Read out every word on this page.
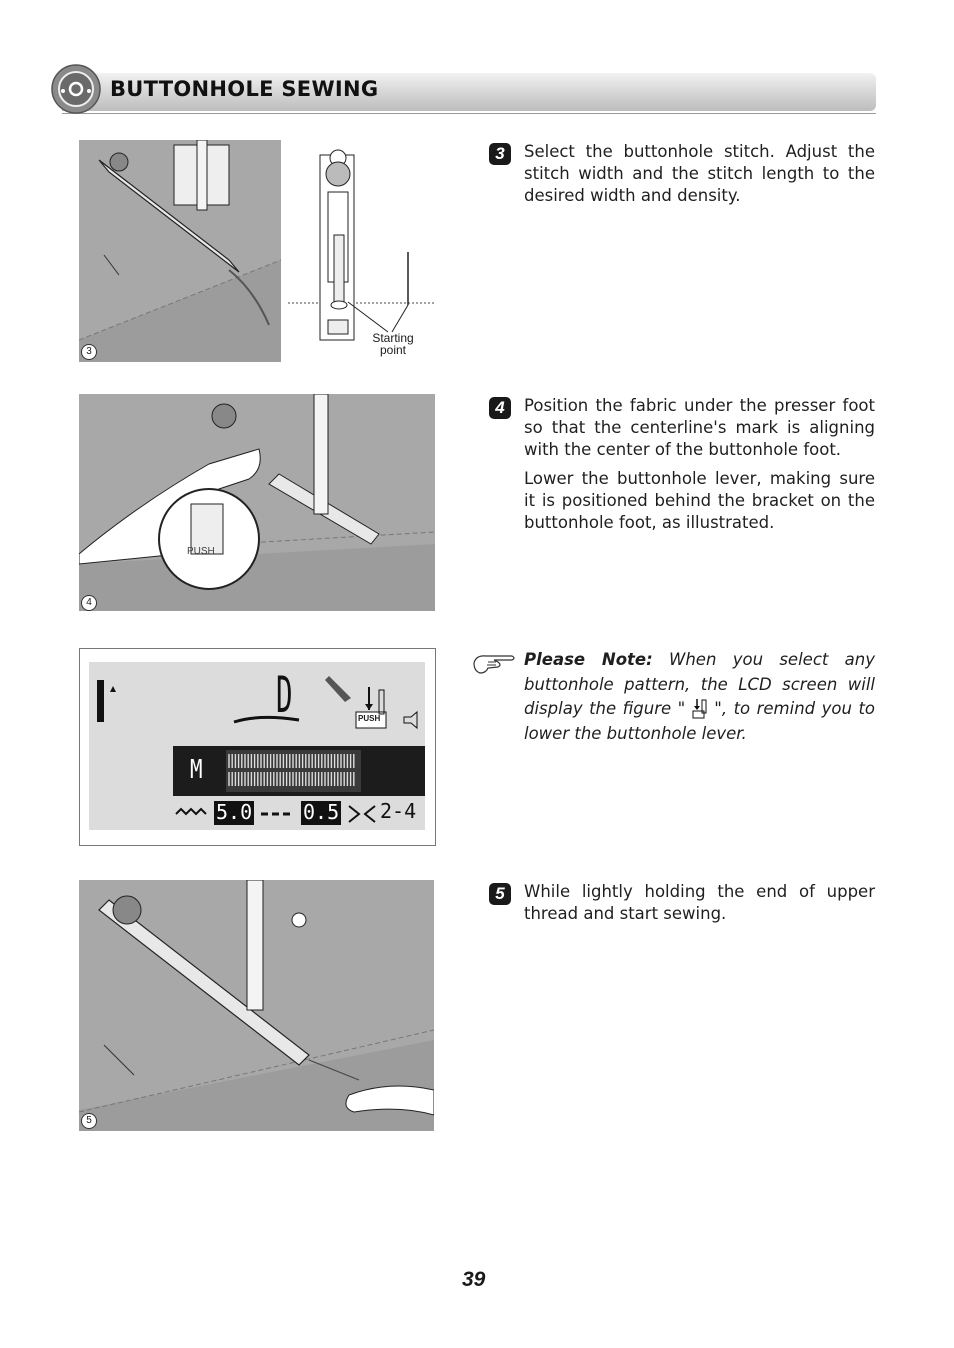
BUTTONHOLE SEWING
3
Starting
point
PUSH
4
D
M
PUSH
5.0	0.5 2-4
5
3	Select the buttonhole stitch. Adjust the stitch width and the stitch length to the desired width and density.

4	Position the fabric under the presser foot so that the centerline's mark is aligning with the center of the buttonhole foot.

Lower the buttonhole lever, making sure it is positioned behind the bracket on the buttonhole foot, as illustrated.

Please Note: When you select any buttonhole pattern, the LCD screen will display the figure "  ", to remind you to lower the buttonhole lever.
5	While lightly holding the end of upper thread and start sewing.

39
